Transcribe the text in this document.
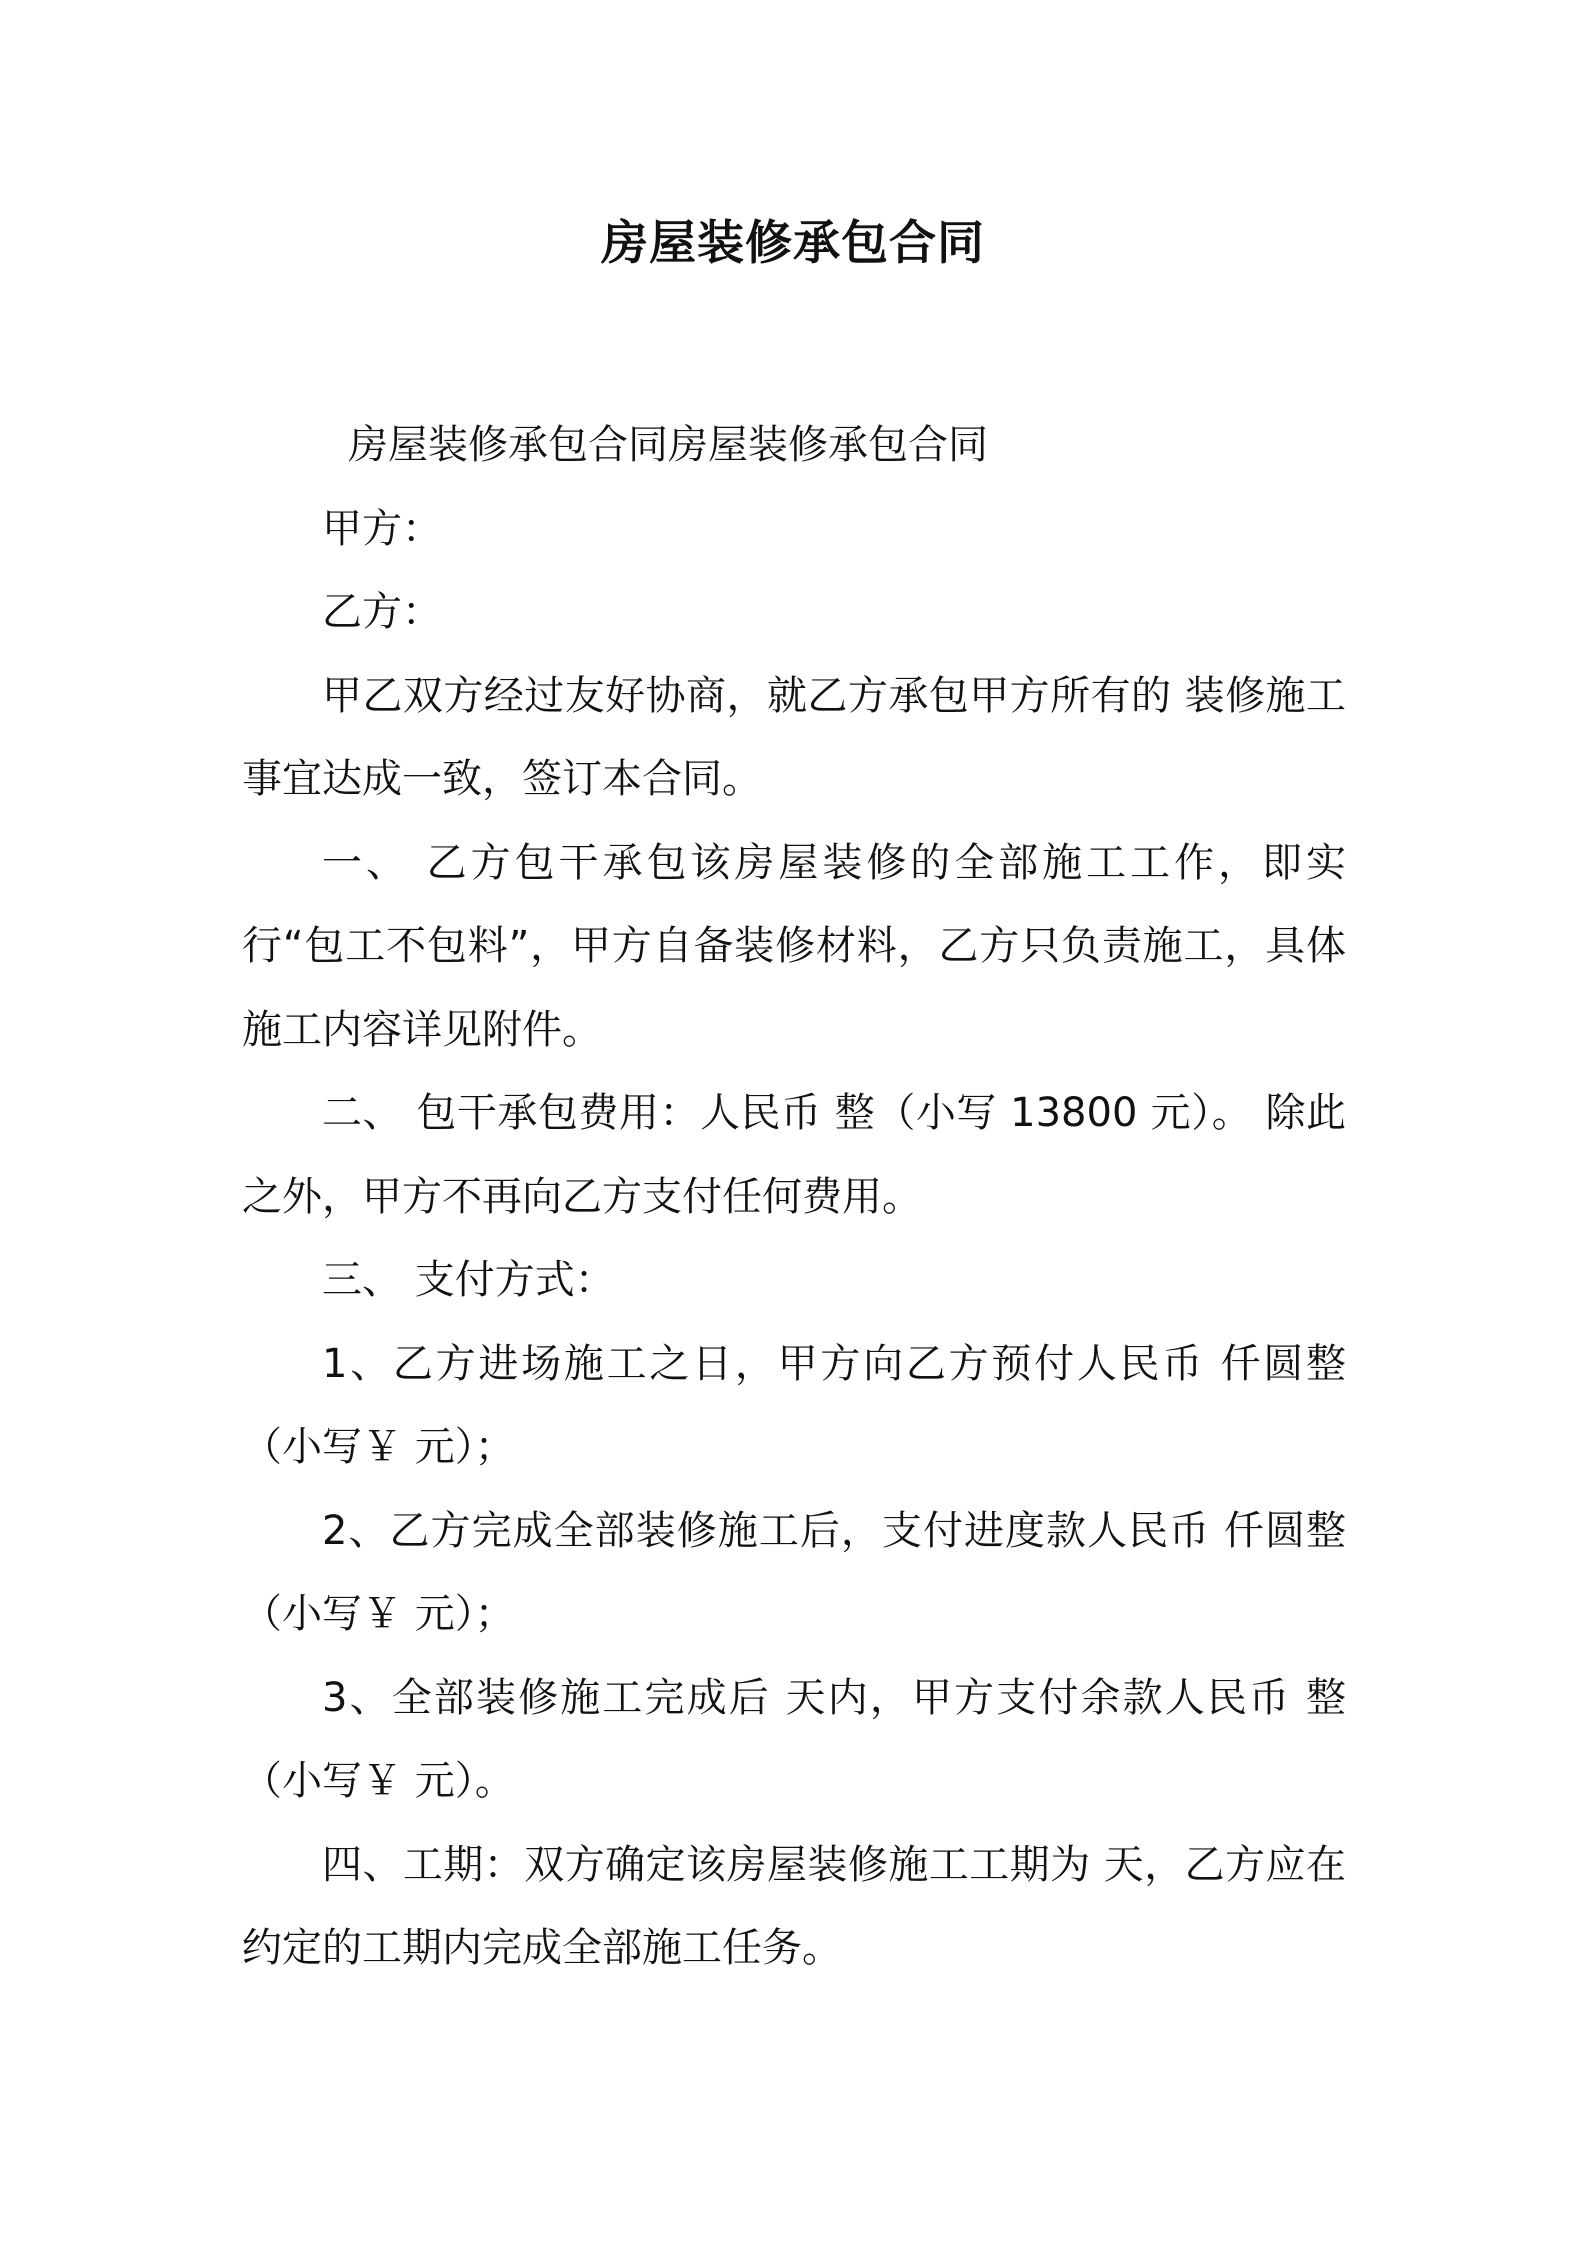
房屋装修承包合同

房屋装修承包合同房屋装修承包合同

甲方：

乙方：

甲乙双方经过友好协商，就乙方承包甲方所有的 装修施工事宜达成一致，签订本合同。

一、 乙方包干承包该房屋装修的全部施工工作，即实行“包工不包料”，甲方自备装修材料，乙方只负责施工，具体施工内容详见附件。

二、 包干承包费用：人民币 整（小写 13800 元）。 除此之外，甲方不再向乙方支付任何费用。

三、 支付方式：

1、乙方进场施工之日，甲方向乙方预付人民币 仟圆整（小写￥ 元）；

2、乙方完成全部装修施工后，支付进度款人民币 仟圆整（小写￥ 元）；

3、全部装修施工完成后 天内，甲方支付余款人民币 整（小写￥ 元）。

四、工期：双方确定该房屋装修施工工期为 天，乙方应在约定的工期内完成全部施工任务。
